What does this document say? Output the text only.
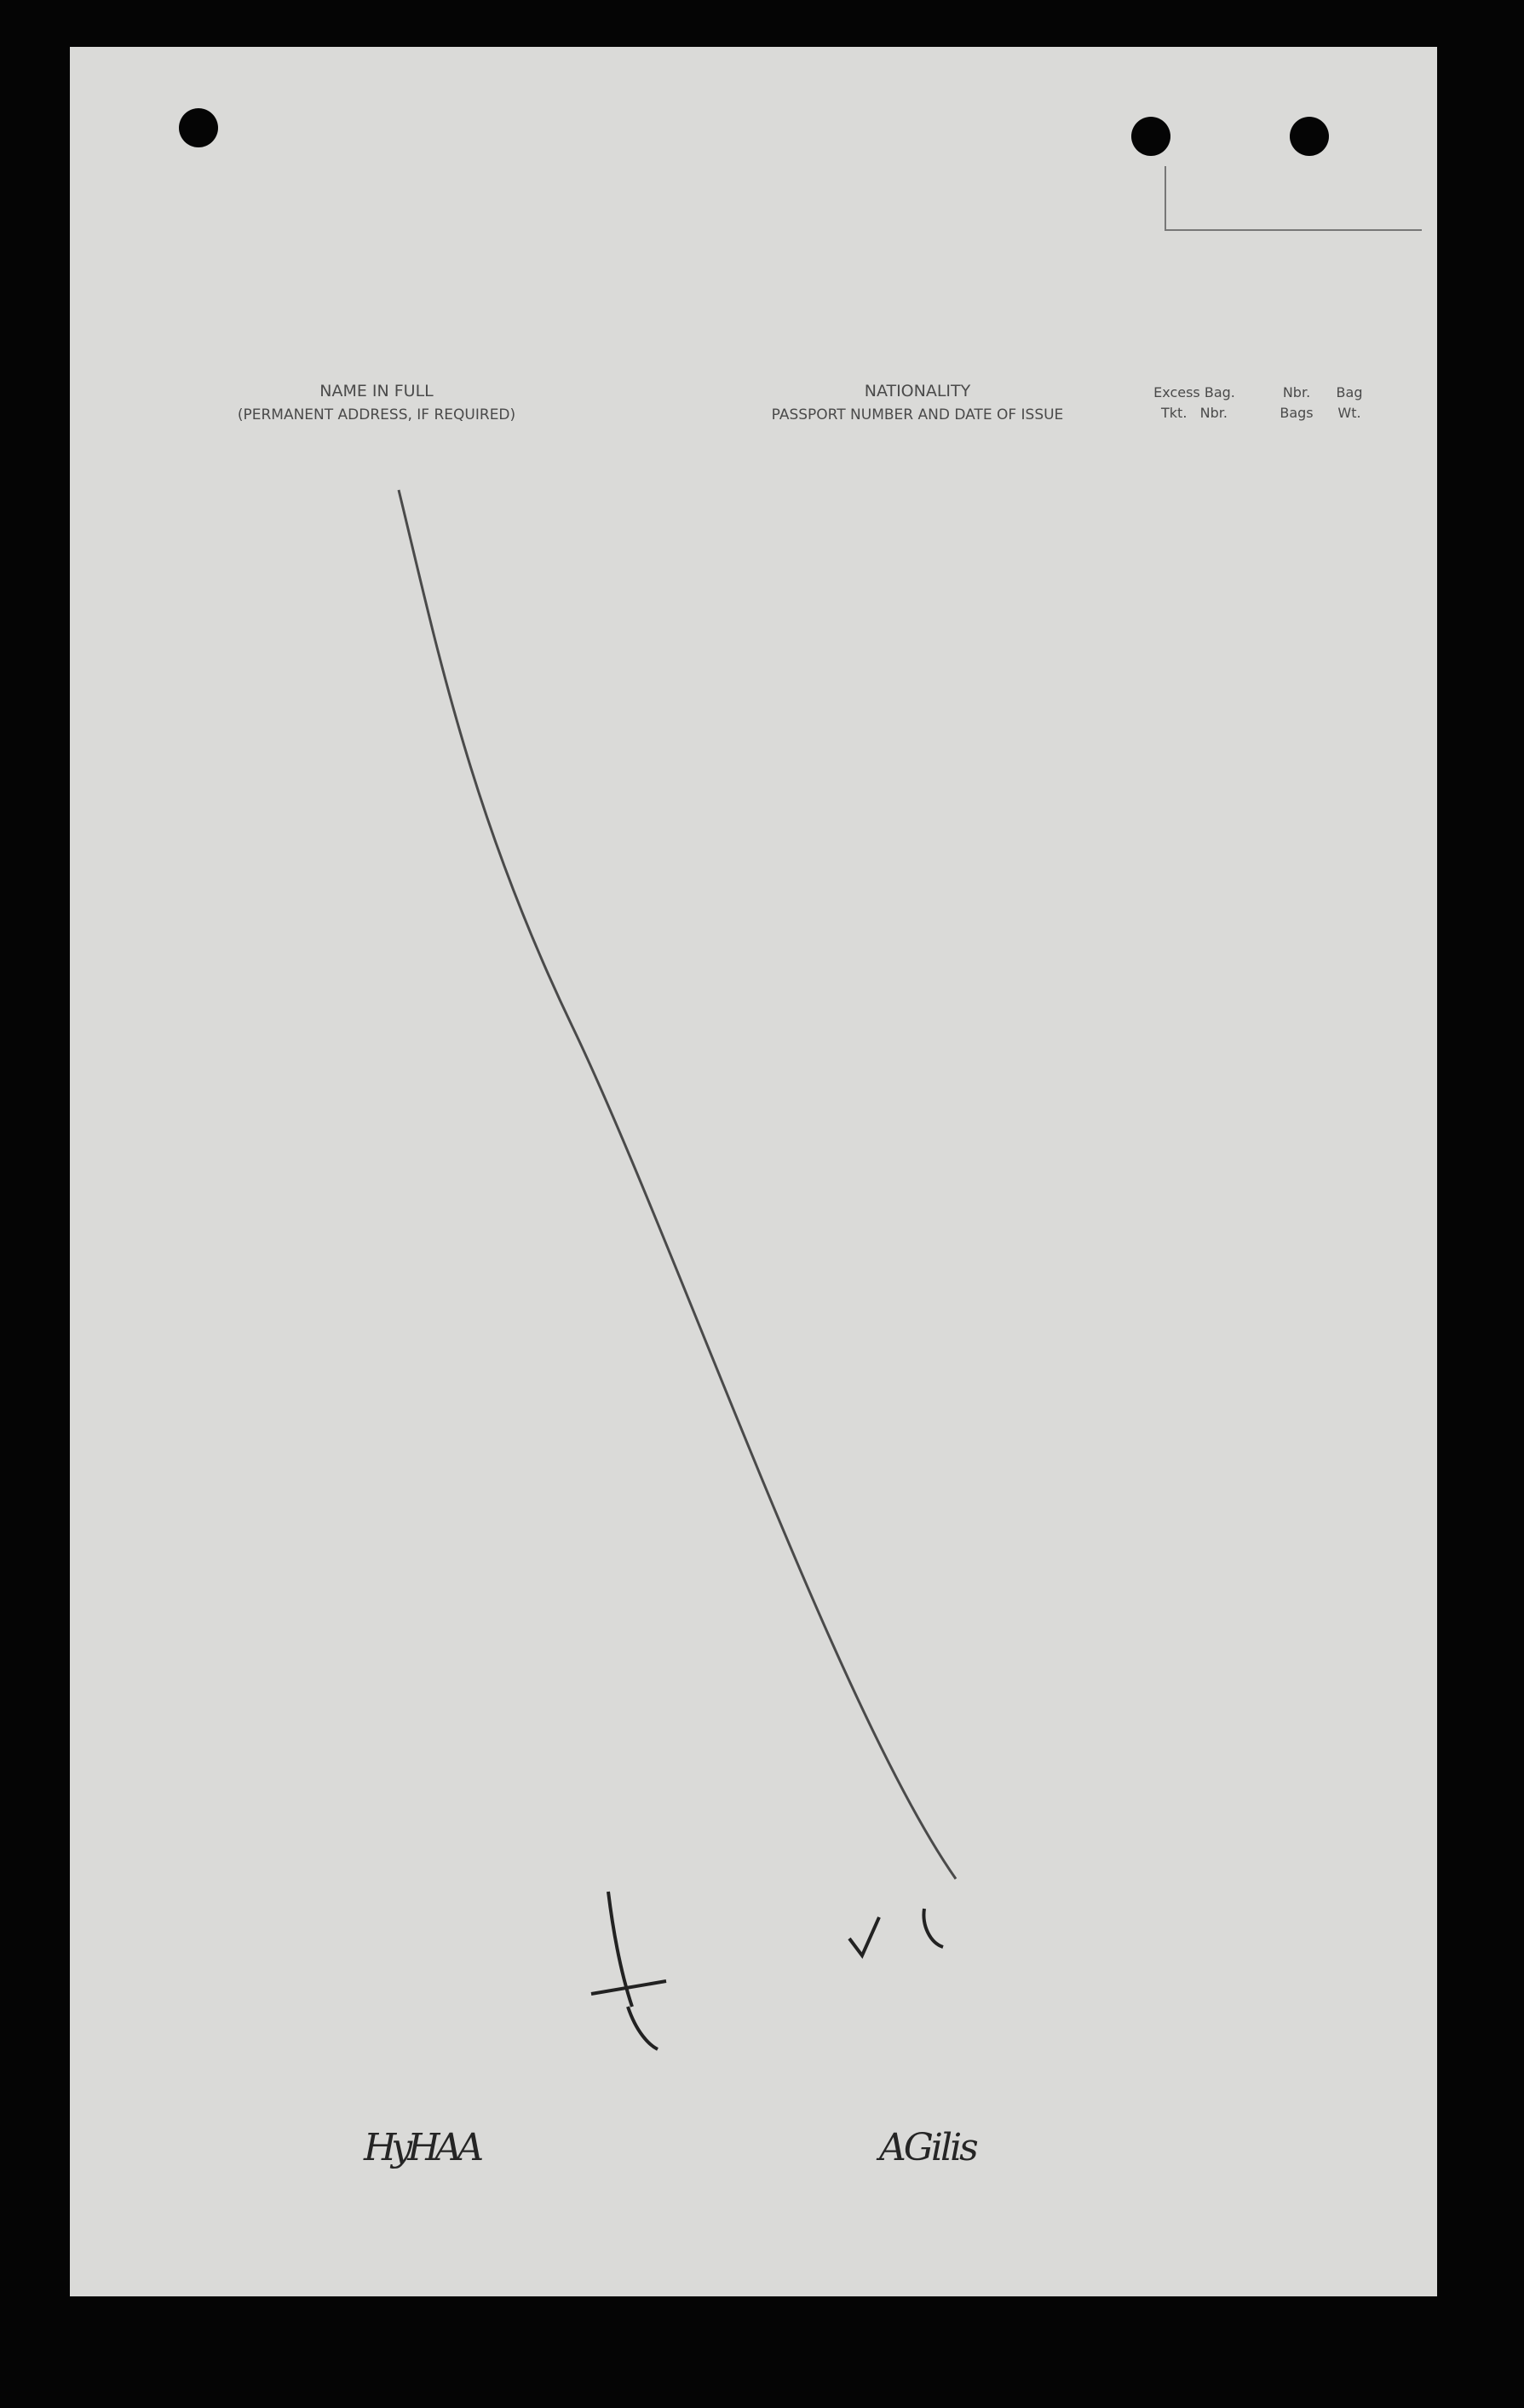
NAME IN FULL
(PERMANENT ADDRESS, IF REQUIRED)
NATIONALITY
PASSPORT NUMBER AND DATE OF ISSUE
Excess Bag.
Tkt.   Nbr.
Nbr.
Bags
Bag
Wt.
HyHAA	AGilis
